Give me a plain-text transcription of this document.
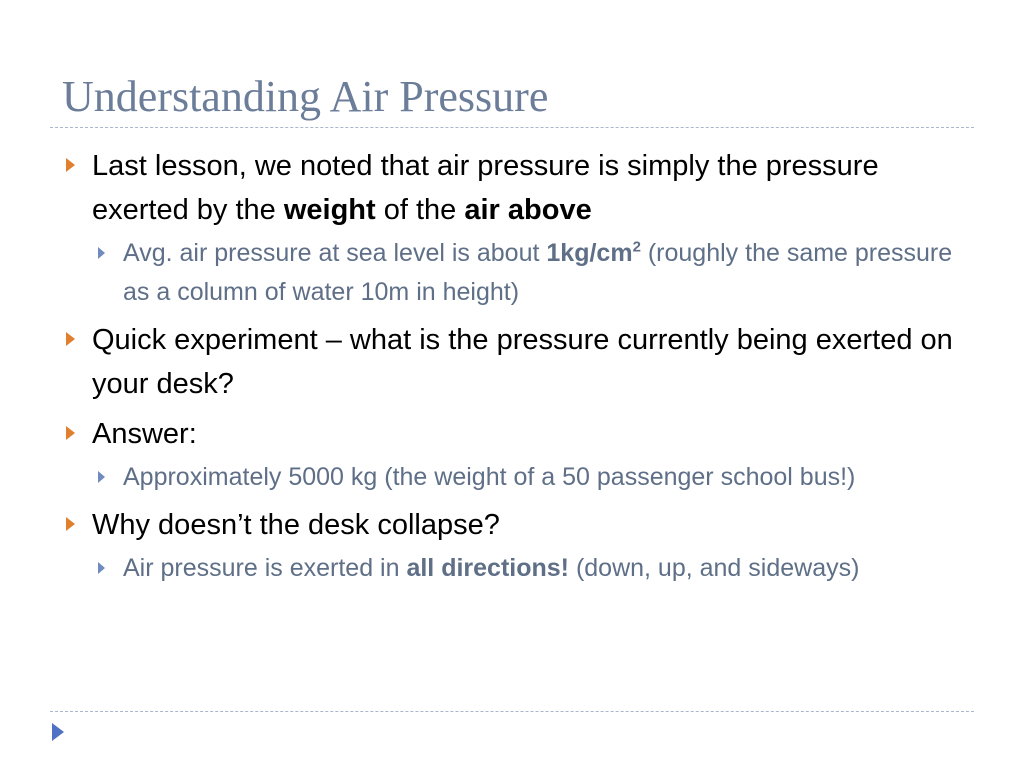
Understanding Air Pressure

Last lesson, we noted that air pressure is simply the pressure exerted by the weight of the air above

Avg. air pressure at sea level is about $1kg/cm^2$ (roughly the same pressure as a column of water 10m in height)

Quick experiment – what is the pressure currently being exerted on your desk?

Answer:

Approximately 5000 kg (the weight of a 50 passenger school bus!)

Why doesn’t the desk collapse?

Air pressure is exerted in all directions! (down, up, and sideways)
